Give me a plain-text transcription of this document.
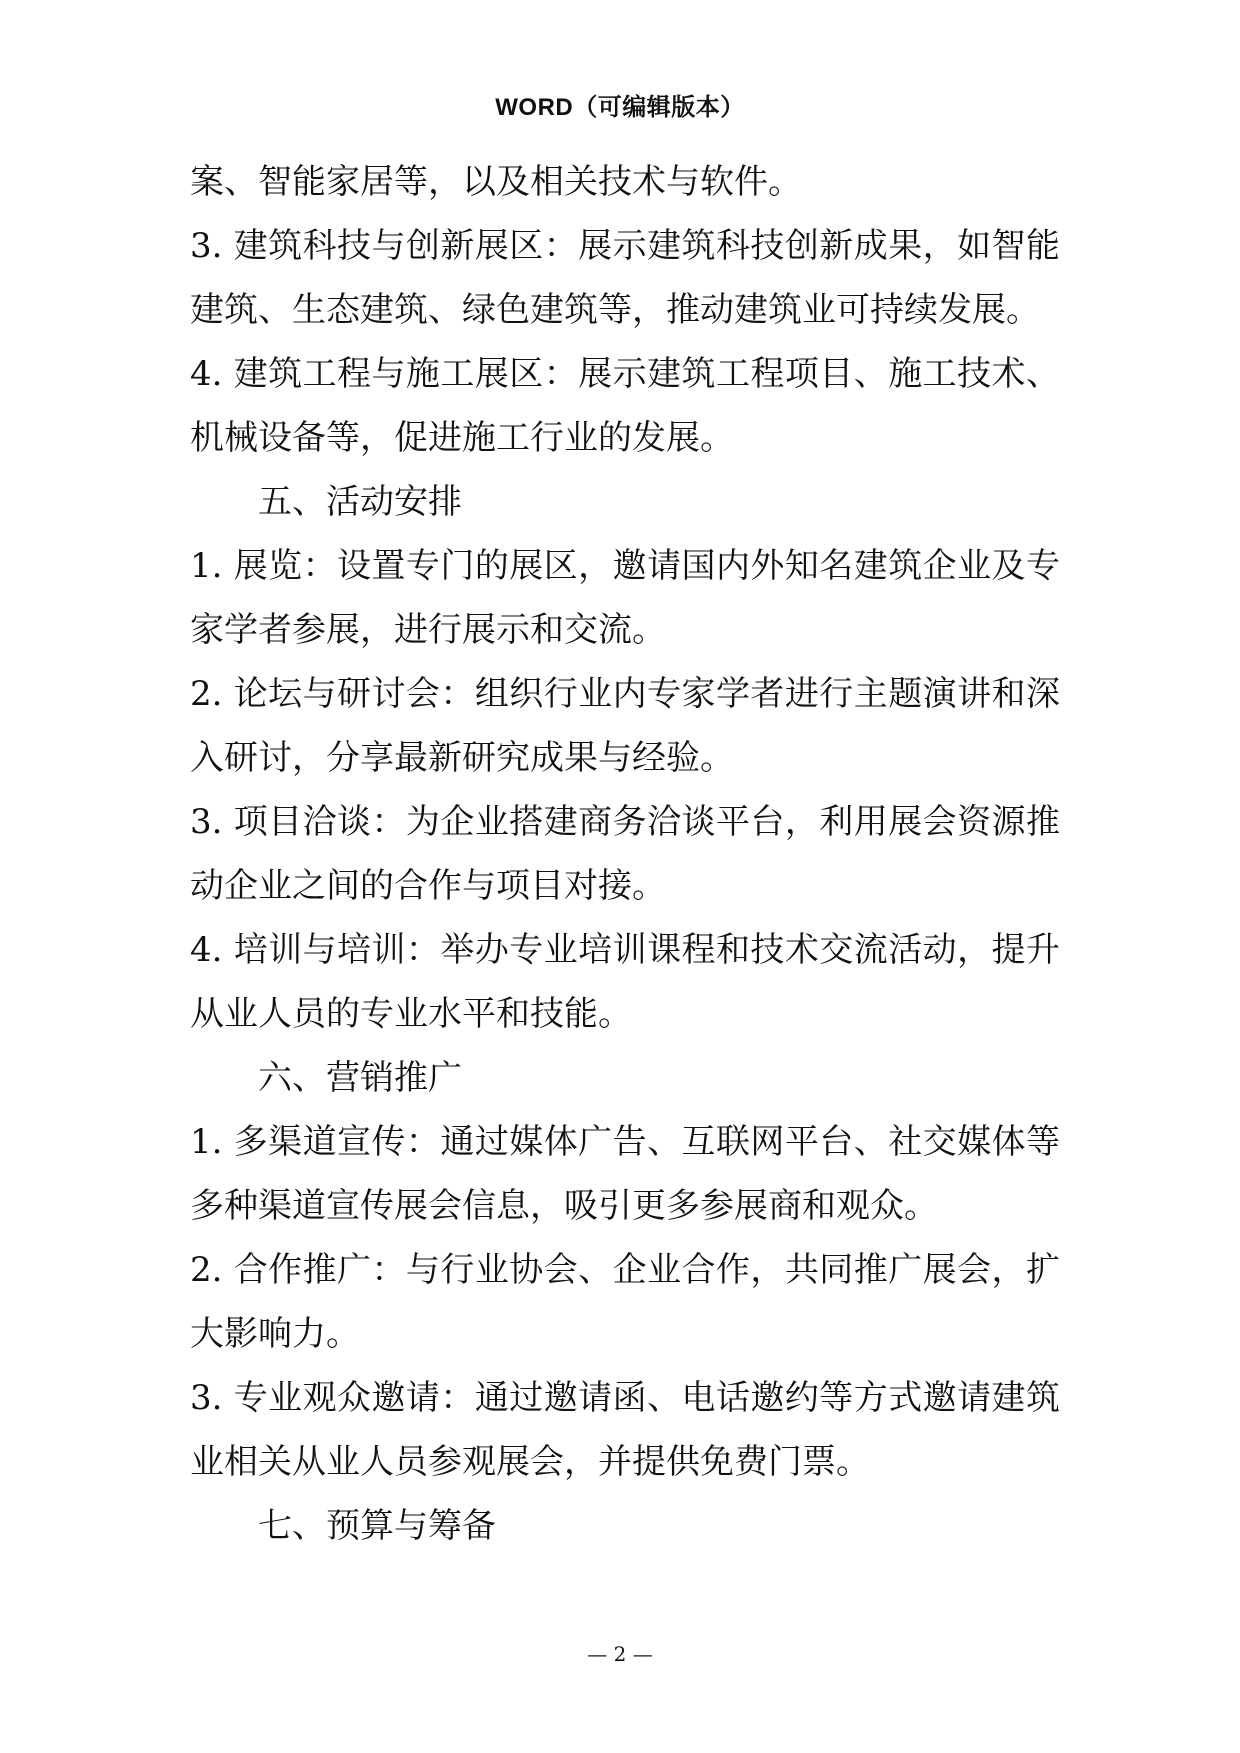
WORD（可编辑版本）

案、智能家居等，以及相关技术与软件。

3. 建筑科技与创新展区：展示建筑科技创新成果，如智能建筑、生态建筑、绿色建筑等，推动建筑业可持续发展。

4. 建筑工程与施工展区：展示建筑工程项目、施工技术、机械设备等，促进施工行业的发展。

五、活动安排

1. 展览：设置专门的展区，邀请国内外知名建筑企业及专家学者参展，进行展示和交流。

2. 论坛与研讨会：组织行业内专家学者进行主题演讲和深入研讨，分享最新研究成果与经验。

3. 项目洽谈：为企业搭建商务洽谈平台，利用展会资源推动企业之间的合作与项目对接。

4. 培训与培训：举办专业培训课程和技术交流活动，提升从业人员的专业水平和技能。

六、营销推广

1. 多渠道宣传：通过媒体广告、互联网平台、社交媒体等多种渠道宣传展会信息，吸引更多参展商和观众。

2. 合作推广：与行业协会、企业合作，共同推广展会，扩大影响力。

3. 专业观众邀请：通过邀请函、电话邀约等方式邀请建筑业相关从业人员参观展会，并提供免费门票。

七、预算与筹备

— 2 —
